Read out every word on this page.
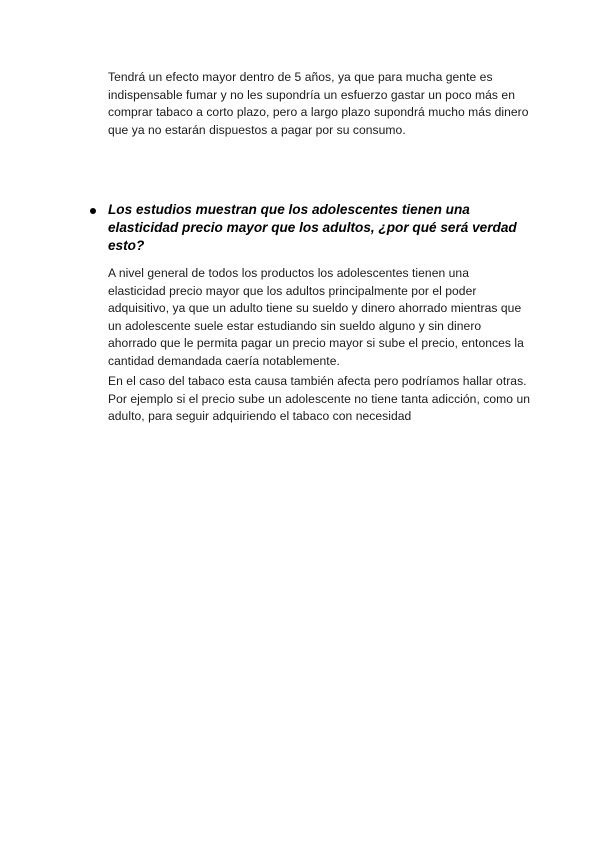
Tendrá un efecto mayor dentro de 5 años, ya que para mucha gente es
indispensable fumar y no les supondría un esfuerzo gastar un poco más en
comprar tabaco a corto plazo, pero a largo plazo supondrá mucho más dinero
que ya no estarán dispuestos a pagar por su consumo.

Los estudios muestran que los adolescentes tienen una
elasticidad precio mayor que los adultos, ¿por qué será verdad
esto?

A nivel general de todos los productos los adolescentes tienen una
elasticidad precio mayor que los adultos principalmente por el poder
adquisitivo, ya que un adulto tiene su sueldo y dinero ahorrado mientras que
un adolescente suele estar estudiando sin sueldo alguno y sin dinero
ahorrado que le permita pagar un precio mayor si sube el precio, entonces la
cantidad demandada caería notablemente.

En el caso del tabaco esta causa también afecta pero podríamos hallar otras.
Por ejemplo si el precio sube un adolescente no tiene tanta adicción, como un
adulto, para seguir adquiriendo el tabaco con necesidad
